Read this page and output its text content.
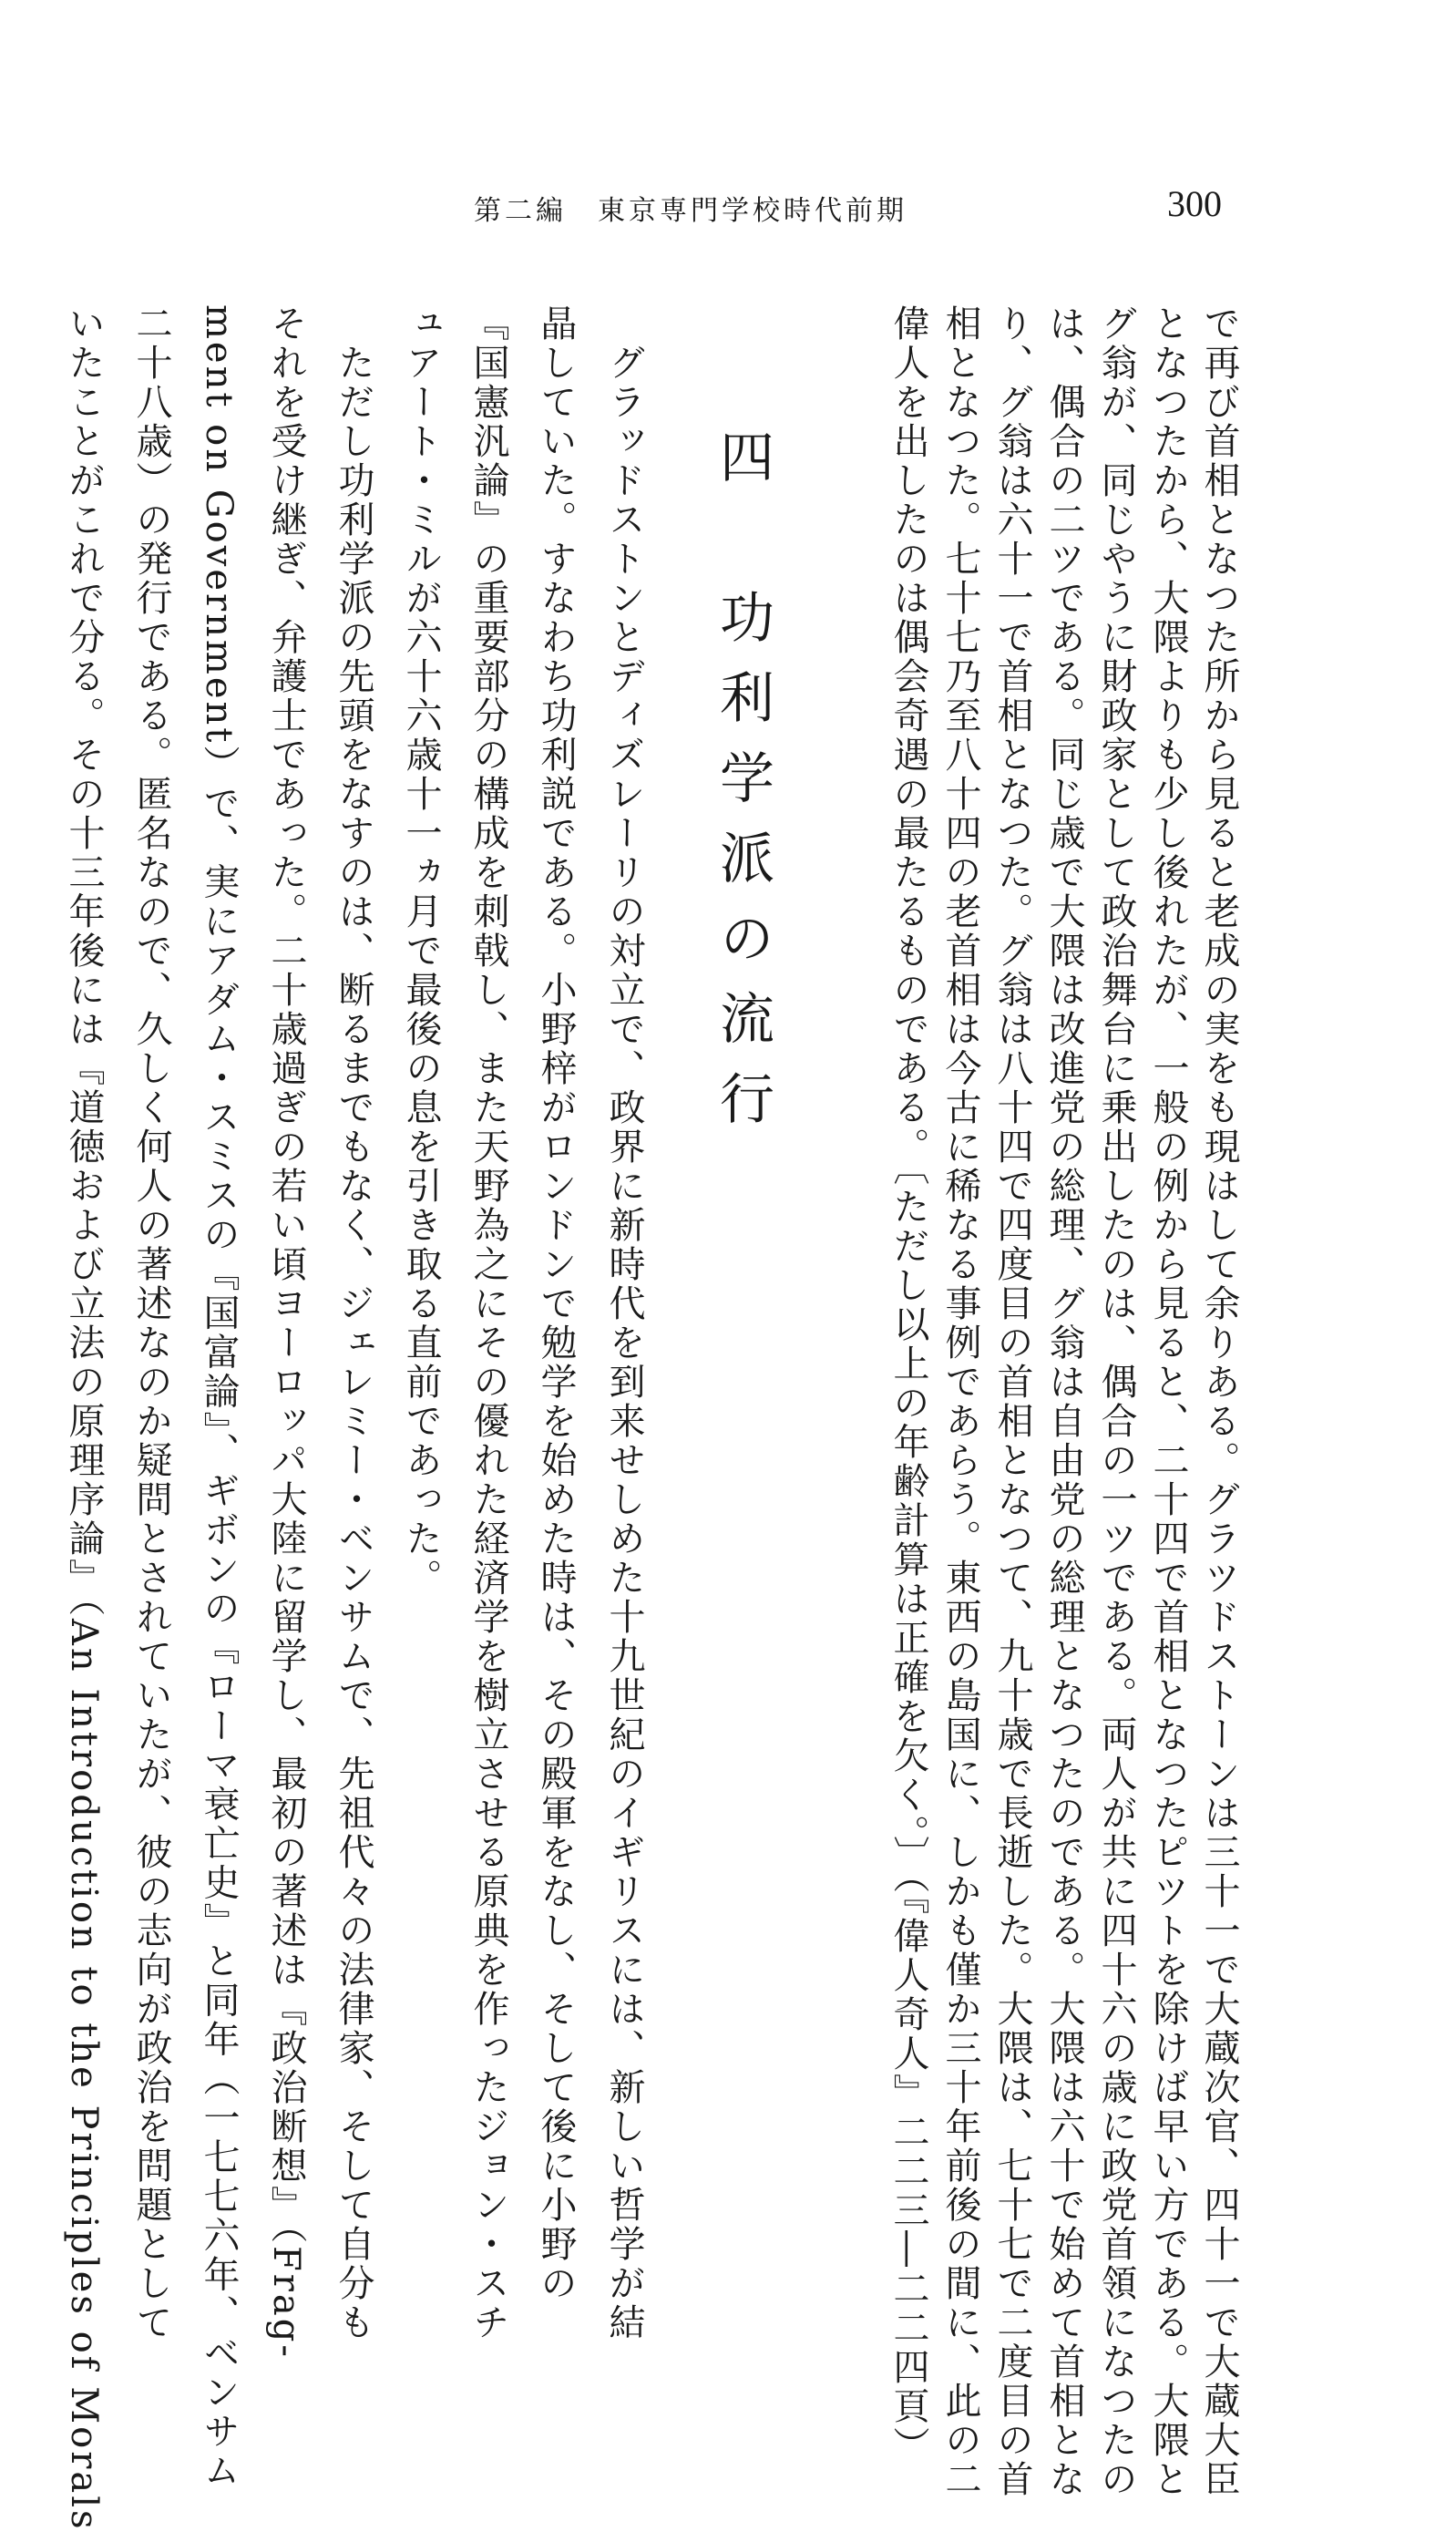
第二編　東京専門学校時代前期	300
で再び首相となつた所から見ると老成の実をも現はして余りある。グラツドストーンは三十一で大蔵次官、四十一で大蔵大臣
となつたから、大隈よりも少し後れたが、一般の例から見ると、二十四で首相となつたピツトを除けば早い方である。大隈と
グ翁が、同じやうに財政家として政治舞台に乗出したのは、偶合の一ツである。両人が共に四十六の歳に政党首領になつたの
は、偶合の二ツである。同じ歳で大隈は改進党の総理、グ翁は自由党の総理となつたのである。大隈は六十で始めて首相とな
り、グ翁は六十一で首相となつた。グ翁は八十四で四度目の首相となつて、九十歳で長逝した。大隈は、七十七で二度目の首
相となつた。七十七乃至八十四の老首相は今古に稀なる事例であらう。東西の島国に、しかも僅か三十年前後の間に、此の二
偉人を出したのは偶会奇遇の最たるものである。〔ただし以上の年齢計算は正確を欠く。〕（『偉人奇人』二二三―二二四頁）
四　功利学派の流行
　グラッドストンとディズレーリの対立で、政界に新時代を到来せしめた十九世紀のイギリスには、新しい哲学が結
晶していた。すなわち功利説である。小野梓がロンドンで勉学を始めた時は、その殿軍をなし、そして後に小野の
『国憲汎論』の重要部分の構成を刺戟し、また天野為之にその優れた経済学を樹立させる原典を作ったジョン・スチ
ュアート・ミルが六十六歳十一ヵ月で最後の息を引き取る直前であった。
　ただし功利学派の先頭をなすのは、断るまでもなく、ジェレミー・ベンサムで、先祖代々の法律家、そして自分も
それを受け継ぎ、弁護士であった。二十歳過ぎの若い頃ヨーロッパ大陸に留学し、最初の著述は『政治断想』（Frag-
ment on Government）で、実にアダム・スミスの『国富論』、ギボンの『ローマ衰亡史』と同年（一七七六年、ベンサム
二十八歳）の発行である。匿名なので、久しく何人の著述なのか疑問とされていたが、彼の志向が政治を問題として
いたことがこれで分る。その十三年後には『道徳および立法の原理序論』（An Introduction to the Principles of Morals
